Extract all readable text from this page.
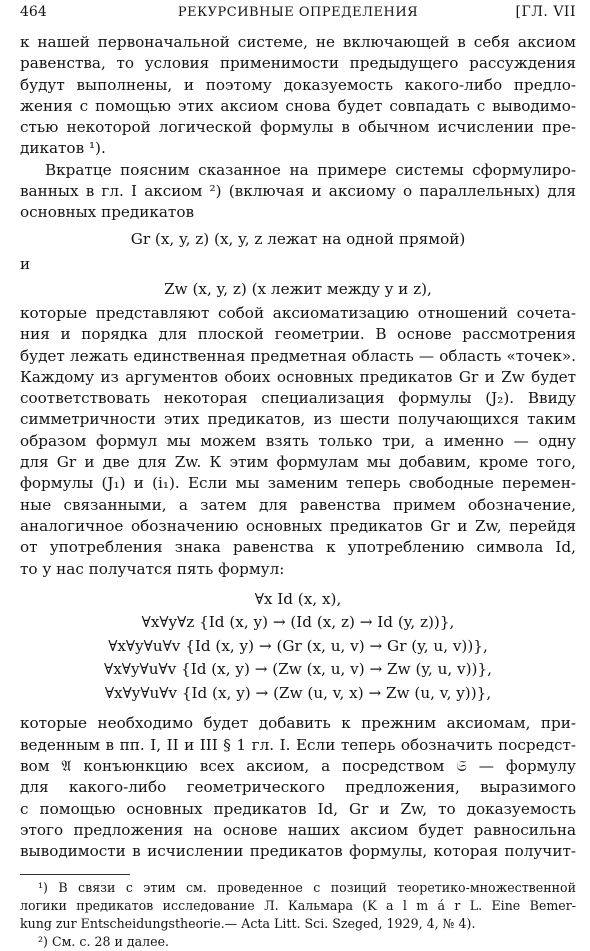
464	РЕКУРСИВНЫЕ ОПРЕДЕЛЕНИЯ	[ГЛ. VII
к нашей первоначальной системе, не включающей в себя аксиом
равенства, то условия применимости предыдущего рассуждения
будут выполнены, и поэтому доказуемость какого-либо предло-
жения с помощью этих аксиом снова будет совпадать с выводимо-
стью некоторой логической формулы в обычном исчислении пре-
дикатов ¹).
Вкратце поясним сказанное на примере системы сформулиро-
ванных в гл. I аксиом ²) (включая и аксиому о параллельных) для
основных предикатов
Gr (x, y, z) (x, y, z лежат на одной прямой)
и
Zw (x, y, z) (x лежит между y и z),
которые представляют собой аксиоматизацию отношений сочета-
ния и порядка для плоской геометрии. В основе рассмотрения
будет лежать единственная предметная область — область «точек».
Каждому из аргументов обоих основных предикатов Gr и Zw будет
соответствовать некоторая специализация формулы (J₂). Ввиду
симметричности этих предикатов, из шести получающихся таким
образом формул мы можем взять только три, а именно — одну
для Gr и две для Zw. К этим формулам мы добавим, кроме того,
формулы (J₁) и (i₁). Если мы заменим теперь свободные перемен-
ные связанными, а затем для равенства примем обозначение,
аналогичное обозначению основных предикатов Gr и Zw, перейдя
от употребления знака равенства к употреблению символа Id,
то у нас получатся пять формул:
∀x Id (x, x),
∀x∀y∀z {Id (x, y) → (Id (x, z) → Id (y, z))},
∀x∀y∀u∀v {Id (x, y) → (Gr (x, u, v) → Gr (y, u, v))},
∀x∀y∀u∀v {Id (x, y) → (Zw (x, u, v) → Zw (y, u, v))},
∀x∀y∀u∀v {Id (x, y) → (Zw (u, v, x) → Zw (u, v, y))},
которые необходимо будет добавить к прежним аксиомам, при-
веденным в пп. I, II и III § 1 гл. I. Если теперь обозначить посредст-
вом 𝔄 конъюнкцию всех аксиом, а посредством 𝔖 — формулу
для какого-либо геометрического предложения, выразимого
с помощью основных предикатов Id, Gr и Zw, то доказуемость
этого предложения на основе наших аксиом будет равносильна
выводимости в исчислении предикатов формулы, которая получит-
¹) В связи с этим см. проведенное с позиций теоретико-множественной
логики предикатов исследование Л. Кальмара (K a l m á r L. Eine Bemer-
kung zur Entscheidungstheorie.— Acta Litt. Sci. Szeged, 1929, 4, № 4).
²) См. с. 28 и далее.
